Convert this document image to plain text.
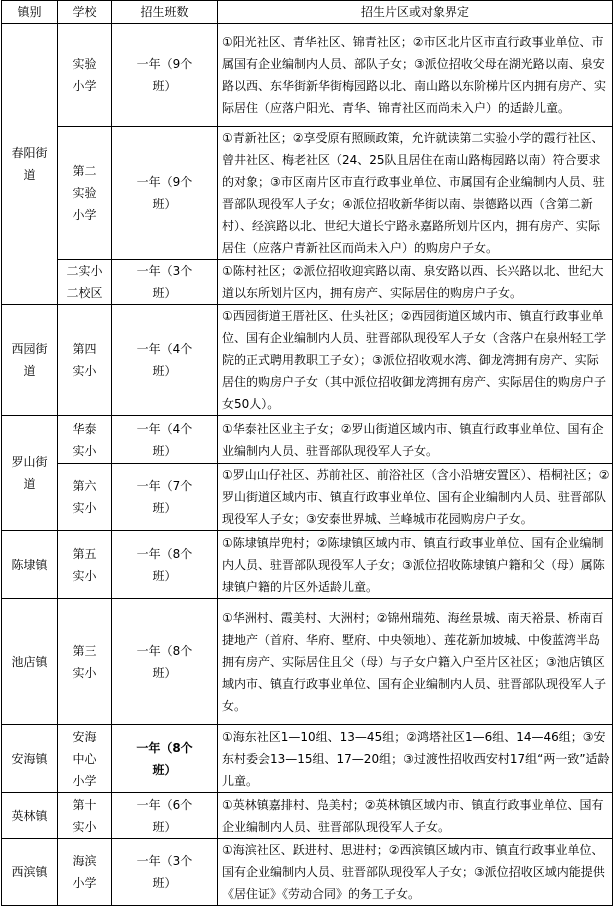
镇别	学校	招生班数	招生片区或对象界定
春阳街道	实验小学	一年（9个班）	①阳光社区、青华社区、锦青社区；②市区北片区市直行政事业单位、市属国有企业编制内人员、部队子女；③派位招收父母在湖光路以南、泉安路以西、东华街新华街梅园路以北、南山路以东阶梯片区内拥有房产、实际居住（应落户阳光、青华、锦青社区而尚未入户）的适龄儿童。
	第二实验小学	一年（9个班）	①青新社区；②享受原有照顾政策，允许就读第二实验小学的霞行社区、曾井社区、梅老社区（24、25队且居住在南山路梅园路以南）符合要求的对象；③市区南片区市直行政事业单位、市属国有企业编制内人员、驻晋部队现役军人子女；④派位招收新华街以南、崇德路以西（含第二新村）、经滨路以北、世纪大道长宁路永嘉路所划片区内，拥有房产、实际居住（应落户青新社区而尚未入户）的购房户子女。
	二实小二校区	一年（3个班）	①陈村社区；②派位招收迎宾路以南、泉安路以西、长兴路以北、世纪大道以东所划片区内，拥有房产、实际居住的购房户子女。
西园街道	第四实小	一年（4个班）	①西园街道王厝社区、仕头社区；②西园街道区域内市、镇直行政事业单位、国有企业编制内人员、驻晋部队现役军人子女（含落户在泉州轻工学院的正式聘用教职工子女）；③派位招收观水湾、御龙湾拥有房产、实际居住的购房户子女（其中派位招收御龙湾拥有房产、实际居住的购房户子女50人）。
罗山街道	华泰实小	一年（4个班）	①华泰社区业主子女；②罗山街道区域内市、镇直行政事业单位、国有企业编制内人员、驻晋部队现役军人子女。
	第六实小	一年（7个班）	①罗山山仔社区、苏前社区、前浴社区（含小沿塘安置区）、梧桐社区；②罗山街道区域内市、镇直行政事业单位、国有企业编制内人员、驻晋部队现役军人子女；③安泰世界城、兰峰城市花园购房户子女。
陈埭镇	第五实小	一年（8个班）	①陈埭镇岸兜村；②陈埭镇区域内市、镇直行政事业单位、国有企业编制内人员、驻晋部队现役军人子女；③派位招收陈埭镇户籍和父（母）属陈埭镇户籍的片区外适龄儿童。
池店镇	第三实小	一年（8个班）	①华洲村、霞美村、大洲村；②锦州瑞苑、海丝景城、南天裕景、桥南百捷地产（首府、华府、墅府、中央领地）、莲花新加坡城、中俊蓝湾半岛拥有房产、实际居住且父（母）与子女户籍入户至片区社区；③池店镇区域内市、镇直行政事业单位、国有企业编制内人员、驻晋部队现役军人子女。
安海镇	安海中心小学	一年（8个班）	①海东社区1—10组、13—45组；②鸿塔社区1—6组、14—46组；③安东村委会13—15组、17—20组；③过渡性招收西安村17组“两一致”适龄儿童。
英林镇	第十实小	一年（6个班）	①英林镇嘉排村、凫美村；②英林镇区域内市、镇直行政事业单位、国有企业编制内人员、驻晋部队现役军人子女。
西滨镇	海滨小学	一年（3个班）	①海滨社区、跃进村、思进村；②西滨镇区域内市、镇直行政事业单位、国有企业编制内人员、驻晋部队现役军人子女；③派位招收区域内能提供《居住证》《劳动合同》的务工子女。
